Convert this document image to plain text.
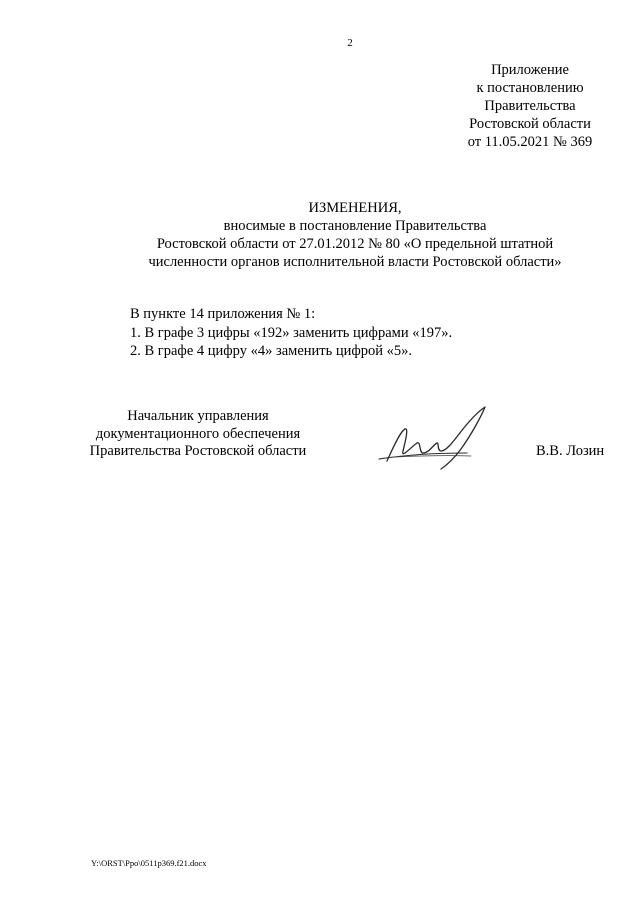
2
Приложение
к постановлению
Правительства
Ростовской области
от 11.05.2021 № 369
ИЗМЕНЕНИЯ,
вносимые в постановление Правительства
Ростовской области от 27.01.2012 № 80 «О предельной штатной
численности органов исполнительной власти Ростовской области»
В пункте 14 приложения № 1:
1. В графе 3 цифры «192» заменить цифрами «197».
2. В графе 4 цифру «4» заменить цифрой «5».
Начальник управления
документационного обеспечения
Правительства Ростовской области	В.В. Лозин
Y:\ORST\Ppo\0511p369.f21.docx
